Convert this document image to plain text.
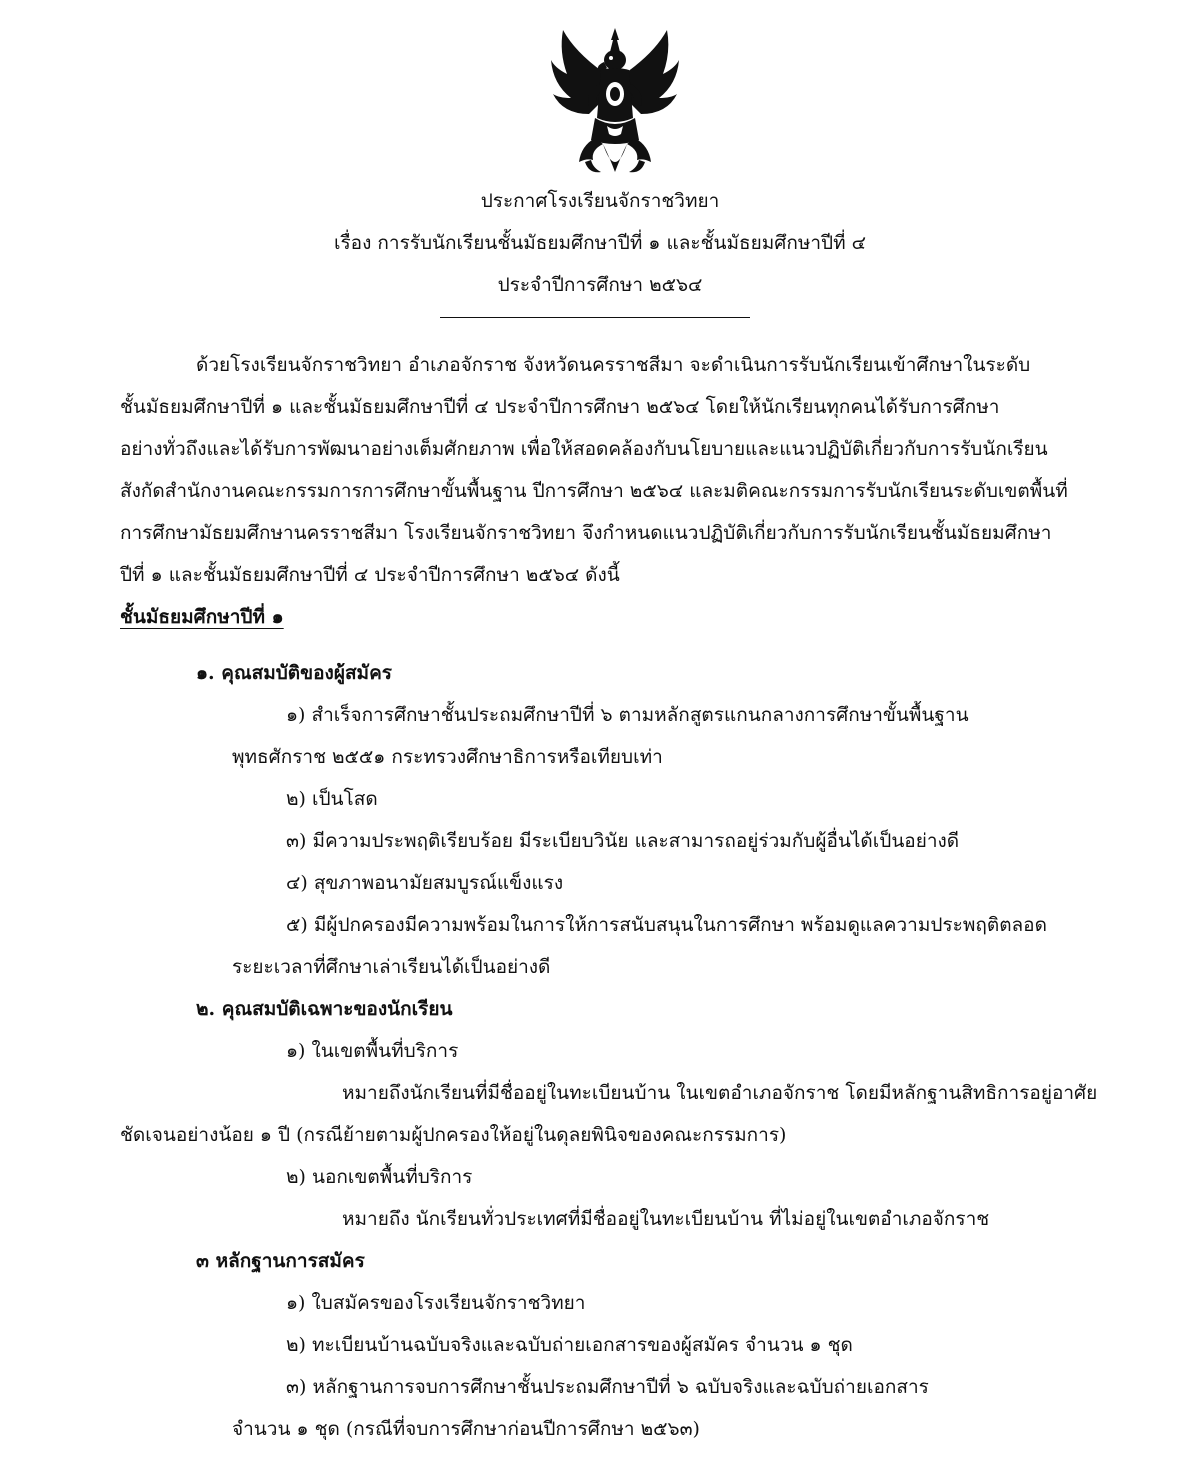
ประกาศโรงเรียนจักราชวิทยา
เรื่อง การรับนักเรียนชั้นมัธยมศึกษาปีที่ ๑ และชั้นมัธยมศึกษาปีที่ ๔
ประจำปีการศึกษา ๒๕๖๔
ด้วยโรงเรียนจักราชวิทยา อำเภอจักราช จังหวัดนครราชสีมา จะดำเนินการรับนักเรียนเข้าศึกษาในระดับ
ชั้นมัธยมศึกษาปีที่ ๑ และชั้นมัธยมศึกษาปีที่ ๔ ประจำปีการศึกษา ๒๕๖๔ โดยให้นักเรียนทุกคนได้รับการศึกษา
อย่างทั่วถึงและได้รับการพัฒนาอย่างเต็มศักยภาพ เพื่อให้สอดคล้องกับนโยบายและแนวปฏิบัติเกี่ยวกับการรับนักเรียน
สังกัดสำนักงานคณะกรรมการการศึกษาขั้นพื้นฐาน ปีการศึกษา ๒๕๖๔ และมติคณะกรรมการรับนักเรียนระดับเขตพื้นที่
การศึกษามัธยมศึกษานครราชสีมา โรงเรียนจักราชวิทยา จึงกำหนดแนวปฏิบัติเกี่ยวกับการรับนักเรียนชั้นมัธยมศึกษา
ปีที่ ๑ และชั้นมัธยมศึกษาปีที่ ๔ ประจำปีการศึกษา ๒๕๖๔ ดังนี้
ชั้นมัธยมศึกษาปีที่ ๑
๑. คุณสมบัติของผู้สมัคร
๑) สำเร็จการศึกษาชั้นประถมศึกษาปีที่ ๖ ตามหลักสูตรแกนกลางการศึกษาขั้นพื้นฐาน
พุทธศักราช ๒๕๕๑ กระทรวงศึกษาธิการหรือเทียบเท่า
๒) เป็นโสด
๓) มีความประพฤติเรียบร้อย มีระเบียบวินัย และสามารถอยู่ร่วมกับผู้อื่นได้เป็นอย่างดี
๔) สุขภาพอนามัยสมบูรณ์แข็งแรง
๕) มีผู้ปกครองมีความพร้อมในการให้การสนับสนุนในการศึกษา พร้อมดูแลความประพฤติตลอด
ระยะเวลาที่ศึกษาเล่าเรียนได้เป็นอย่างดี
๒. คุณสมบัติเฉพาะของนักเรียน
๑) ในเขตพื้นที่บริการ
หมายถึงนักเรียนที่มีชื่ออยู่ในทะเบียนบ้าน ในเขตอำเภอจักราช โดยมีหลักฐานสิทธิการอยู่อาศัย
ชัดเจนอย่างน้อย ๑ ปี (กรณีย้ายตามผู้ปกครองให้อยู่ในดุลยพินิจของคณะกรรมการ)
๒) นอกเขตพื้นที่บริการ
หมายถึง นักเรียนทั่วประเทศที่มีชื่ออยู่ในทะเบียนบ้าน ที่ไม่อยู่ในเขตอำเภอจักราช
๓ หลักฐานการสมัคร
๑) ใบสมัครของโรงเรียนจักราชวิทยา
๒) ทะเบียนบ้านฉบับจริงและฉบับถ่ายเอกสารของผู้สมัคร จำนวน ๑ ชุด
๓) หลักฐานการจบการศึกษาชั้นประถมศึกษาปีที่ ๖ ฉบับจริงและฉบับถ่ายเอกสาร
จำนวน ๑ ชุด (กรณีที่จบการศึกษาก่อนปีการศึกษา ๒๕๖๓)
